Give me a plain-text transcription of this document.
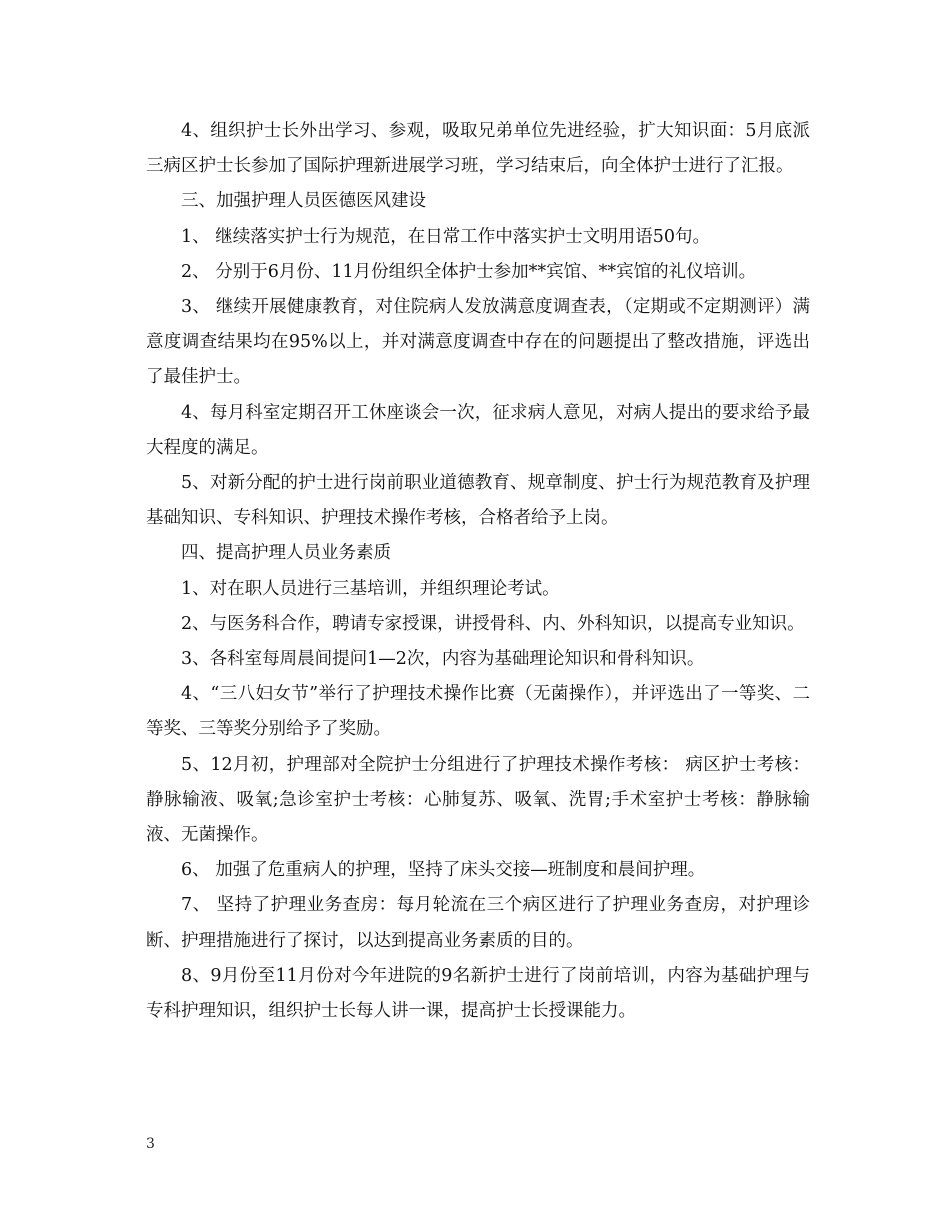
4、组织护士长外出学习、参观，吸取兄弟单位先进经验，扩大知识面：5月底派三病区护士长参加了国际护理新进展学习班，学习结束后，向全体护士进行了汇报。

三、加强护理人员医德医风建设

1、 继续落实护士行为规范，在日常工作中落实护士文明用语50句。

2、 分别于6月份、11月份组织全体护士参加**宾馆、**宾馆的礼仪培训。

3、 继续开展健康教育，对住院病人发放满意度调查表，（定期或不定期测评）满意度调查结果均在95%以上，并对满意度调查中存在的问题提出了整改措施，评选出了最佳护士。

4、每月科室定期召开工休座谈会一次，征求病人意见，对病人提出的要求给予最大程度的满足。

5、对新分配的护士进行岗前职业道德教育、规章制度、护士行为规范教育及护理基础知识、专科知识、护理技术操作考核，合格者给予上岗。

四、提高护理人员业务素质

1、对在职人员进行三基培训，并组织理论考试。

2、与医务科合作，聘请专家授课，讲授骨科、内、外科知识，以提高专业知识。

3、各科室每周晨间提问1—2次，内容为基础理论知识和骨科知识。

4、“三八妇女节”举行了护理技术操作比赛（无菌操作），并评选出了一等奖、二等奖、三等奖分别给予了奖励。

5、12月初，护理部对全院护士分组进行了护理技术操作考核： 病区护士考核：静脉输液、吸氧;急诊室护士考核：心肺复苏、吸氧、洗胃;手术室护士考核：静脉输液、无菌操作。

6、 加强了危重病人的护理，坚持了床头交接—班制度和晨间护理。

7、 坚持了护理业务查房：每月轮流在三个病区进行了护理业务查房，对护理诊断、护理措施进行了探讨，以达到提高业务素质的目的。

8、9月份至11月份对今年进院的9名新护士进行了岗前培训，内容为基础护理与专科护理知识，组织护士长每人讲一课，提高护士长授课能力。

3
